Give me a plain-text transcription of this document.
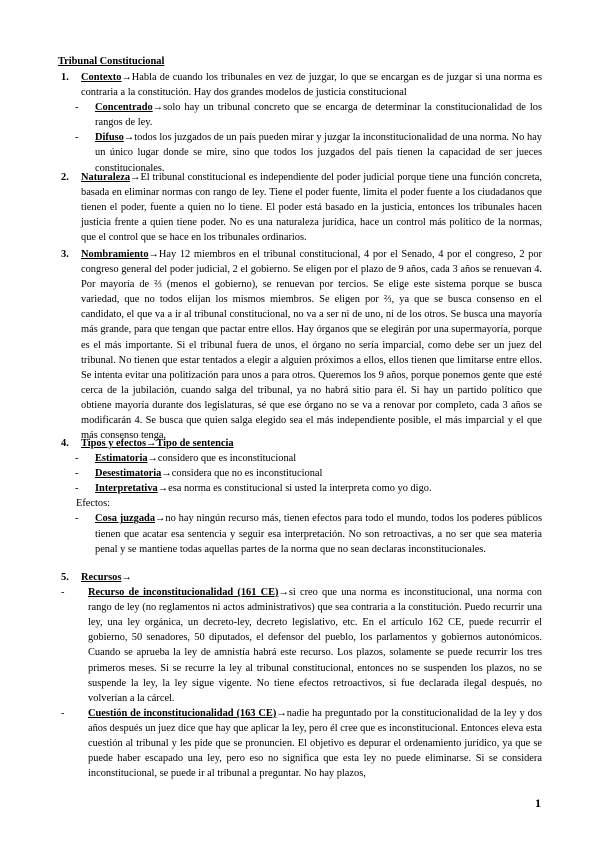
Tribunal Constitucional
1. Contexto→Habla de cuando los tribunales en vez de juzgar, lo que se encargan es de juzgar si una norma es contraria a la constitución. Hay dos grandes modelos de justicia constitucional
- Concentrado→solo hay un tribunal concreto que se encarga de determinar la constitucionalidad de los rangos de ley.
- Difuso→todos los juzgados de un país pueden mirar y juzgar la inconstitucionalidad de una norma. No hay un único lugar donde se mire, sino que todos los juzgados del país tienen la capacidad de ser jueces constitucionales.
2. Naturaleza→El tribunal constitucional es independiente del poder judicial porque tiene una función concreta, basada en eliminar normas con rango de ley. Tiene el poder fuente, limita el poder fuente a los ciudadanos que tienen el poder, fuente a quien no lo tiene. El poder está basado en la justicia, entonces los tribunales hacen justicia frente a quien tiene poder. No es una naturaleza jurídica, hace un control más político de la normas, que el control que se hace en los tribunales ordinarios.
3. Nombramiento→Hay 12 miembros en el tribunal constitucional, 4 por el Senado, 4 por el congreso, 2 por congreso general del poder judicial, 2 el gobierno. Se eligen por el plazo de 9 años, cada 3 años se renuevan 4. Por mayoría de ⅔ (menos el gobierno), se renuevan por tercios. Se elige este sistema porque se busca variedad, que no todos elijan los mismos miembros. Se eligen por ⅔, ya que se busca consenso en el candidato, el que va a ir al tribunal constitucional, no va a ser ni de uno, ni de los otros. Se busca una mayoría más grande, para que tengan que pactar entre ellos. Hay órganos que se elegirán por una supermayoría, porque es el más importante. Si el tribunal fuera de unos, el órgano no sería imparcial, como debe ser un juez del tribunal. No tienen que estar tentados a elegir a alguien próximos a ellos, ellos tienen que limitarse entre ellos. Se intenta evitar una politización para unos a para otros. Queremos los 9 años, porque ponemos gente que esté cerca de la jubilación, cuando salga del tribunal, ya no habrá sitio para él. Si hay un partido político que obtiene mayoría durante dos legislaturas, sé que ese órgano no se va a renovar por completo, cada 3 años se modificarán 4. Se busca que quien salga elegido sea el más independiente posible, el más imparcial y el que más consenso tenga.
4. Tipos y efectos→Tipo de sentencia
- Estimatoria→considero que es inconstitucional
- Desestimatoria→considera que no es inconstitucional
- Interpretativa→esa norma es constitucional si usted la interpreta como yo digo.
Efectos:
- Cosa juzgada→no hay ningún recurso más, tienen efectos para todo el mundo, todos los poderes públicos tienen que acatar esa sentencia y seguir esa interpretación. No son retroactivas, a no ser que sea materia penal y se mantiene todas aquellas partes de la norma que no sean declaras inconstitucionales.
5. Recursos→
- Recurso de inconstitucionalidad (161 CE)→si creo que una norma es inconstitucional, una norma con rango de ley (no reglamentos ni actos administrativos) que sea contraria a la constitución. Puedo recurrir una ley, una ley orgánica, un decreto-ley, decreto legislativo, etc. En el artículo 162 CE, puede recurrir el gobierno, 50 senadores, 50 diputados, el defensor del pueblo, los parlamentos y gobiernos autonómicos. Cuando se aprueba la ley de amnistía habrá este recurso. Los plazos, solamente se puede recurrir los tres primeros meses. Si se recurre la ley al tribunal constitucional, entonces no se suspenden los plazos, no se suspende la ley, la ley sigue vigente. No tiene efectos retroactivos, si fue declarada ilegal después, no volverían a la cárcel.
- Cuestión de inconstitucionalidad (163 CE)→nadie ha preguntado por la constitucionalidad de la ley y dos años después un juez dice que hay que aplicar la ley, pero él cree que es inconstitucional. Entonces eleva esta cuestión al tribunal y les pide que se pronuncien. El objetivo es depurar el ordenamiento jurídico, ya que se puede haber escapado una ley, pero eso no significa que esta ley no puede eliminarse. Si se considera inconstitucional, se puede ir al tribunal a preguntar. No hay plazos,
1
